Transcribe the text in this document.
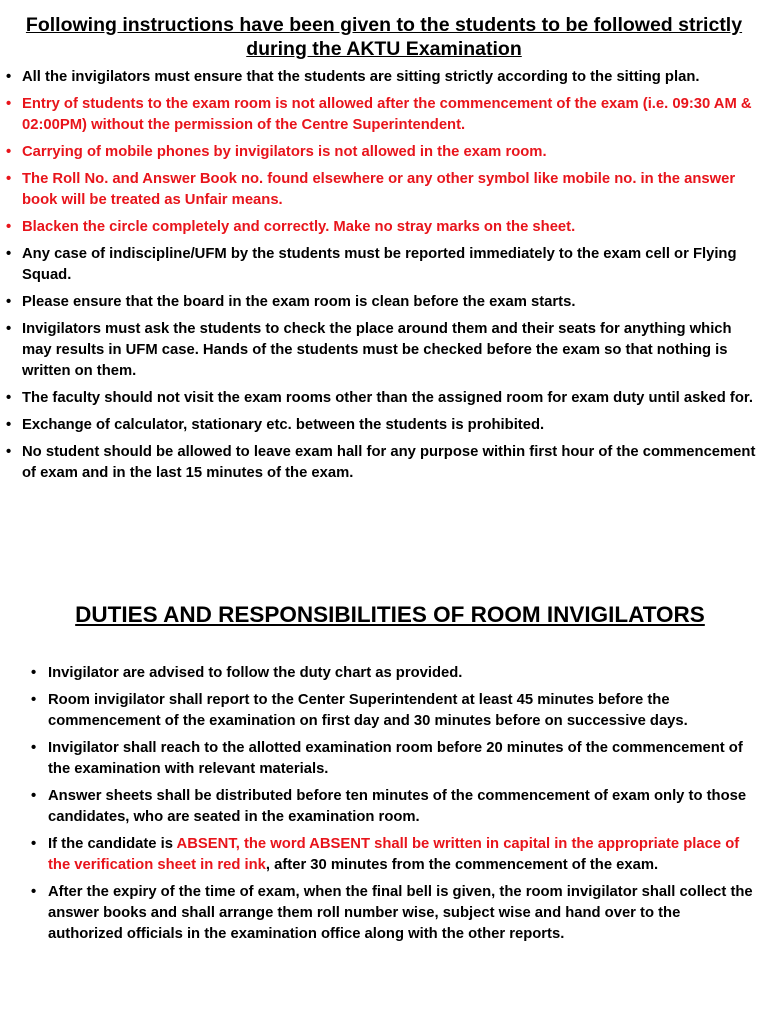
Following instructions have been given to the students to be followed strictly during the AKTU Examination
• All the invigilators must ensure that the students are sitting strictly according to the sitting plan.
• Entry of students to the exam room is not allowed after the commencement of the exam (i.e. 09:30 AM & 02:00PM) without the permission of the Centre Superintendent.
• Carrying of mobile phones by invigilators is not allowed in the exam room.
• The Roll No. and Answer Book no. found elsewhere or any other symbol like mobile no. in the answer book will be treated as Unfair means.
• Blacken the circle completely and correctly. Make no stray marks on the sheet.
• Any case of indiscipline/UFM by the students must be reported immediately to the exam cell or Flying Squad.
• Please ensure that the board in the exam room is clean before the exam starts.
• Invigilators must ask the students to check the place around them and their seats for anything which may results in UFM case. Hands of the students must be checked before the exam so that nothing is written on them.
• The faculty should not visit the exam rooms other than the assigned room for exam duty until asked for.
• Exchange of calculator, stationary etc. between the students is prohibited.
• No student should be allowed to leave exam hall for any purpose within first hour of the commencement of exam and in the last 15 minutes of the exam.
DUTIES AND RESPONSIBILITIES OF ROOM INVIGILATORS
• Invigilator are advised to follow the duty chart as provided.
• Room invigilator shall report to the Center Superintendent at least 45 minutes before the commencement of the examination on first day and 30 minutes before on successive days.
• Invigilator shall reach to the allotted examination room before 20 minutes of the commencement of the examination with relevant materials.
• Answer sheets shall be distributed before ten minutes of the commencement of exam only to those candidates, who are seated in the examination room.
• If the candidate is ABSENT, the word ABSENT shall be written in capital in the appropriate place of the verification sheet in red ink, after 30 minutes from the commencement of the exam.
• After the expiry of the time of exam, when the final bell is given, the room invigilator shall collect the answer books and shall arrange them roll number wise, subject wise and hand over to the authorized officials in the examination office along with the other reports.
